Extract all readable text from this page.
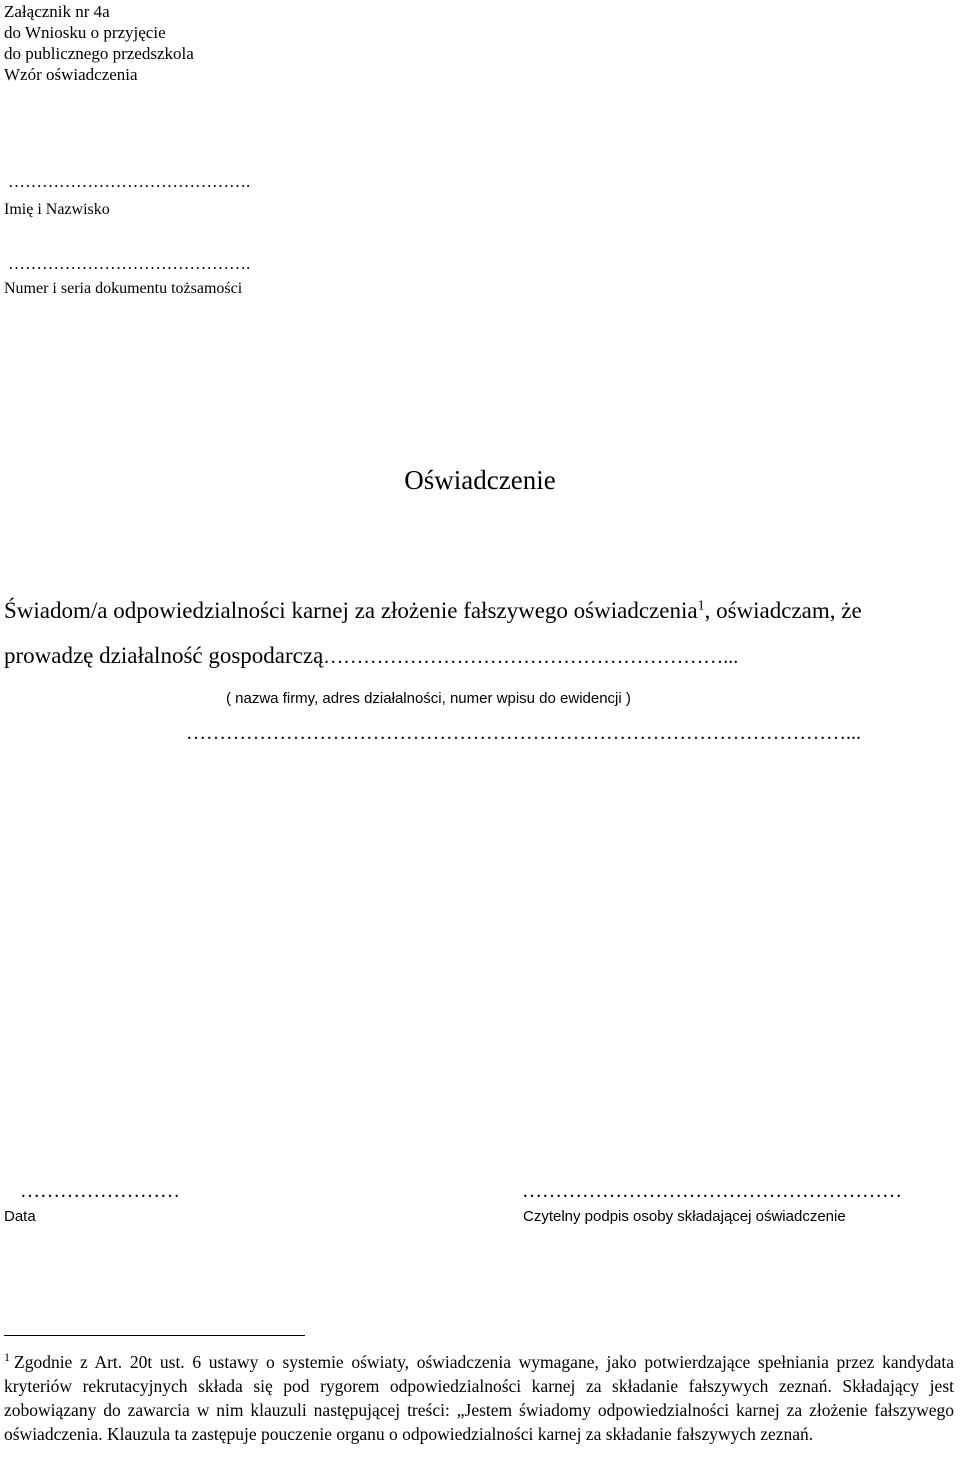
Załącznik nr 4a
do Wniosku o przyjęcie
do publicznego przedszkola
Wzór oświadczenia
…………………………………….
Imię i Nazwisko
…………………………………….
Numer i seria dokumentu tożsamości
Oświadczenie
Świadom/a odpowiedzialności karnej za złożenie fałszywego oświadczenia$^1$, oświadczam, że
prowadzę działalność gospodarczą……………………………………………………...
( nazwa firmy, adres działalności, numer wpisu do ewidencji )
………………………………………………………………………………………...
……………………
Data
…………………………………………………
Czytelny podpis osoby składającej oświadczenie
$^1$ Zgodnie z Art. 20t ust. 6 ustawy o systemie oświaty, oświadczenia wymagane, jako potwierdzające spełniania przez kandydata kryteriów rekrutacyjnych składa się pod rygorem odpowiedzialności karnej za składanie fałszywych zeznań. Składający jest zobowiązany do zawarcia w nim klauzuli następującej treści: „Jestem świadomy odpowiedzialności karnej za złożenie fałszywego oświadczenia. Klauzula ta zastępuje pouczenie organu o odpowiedzialności karnej za składanie fałszywych zeznań.
